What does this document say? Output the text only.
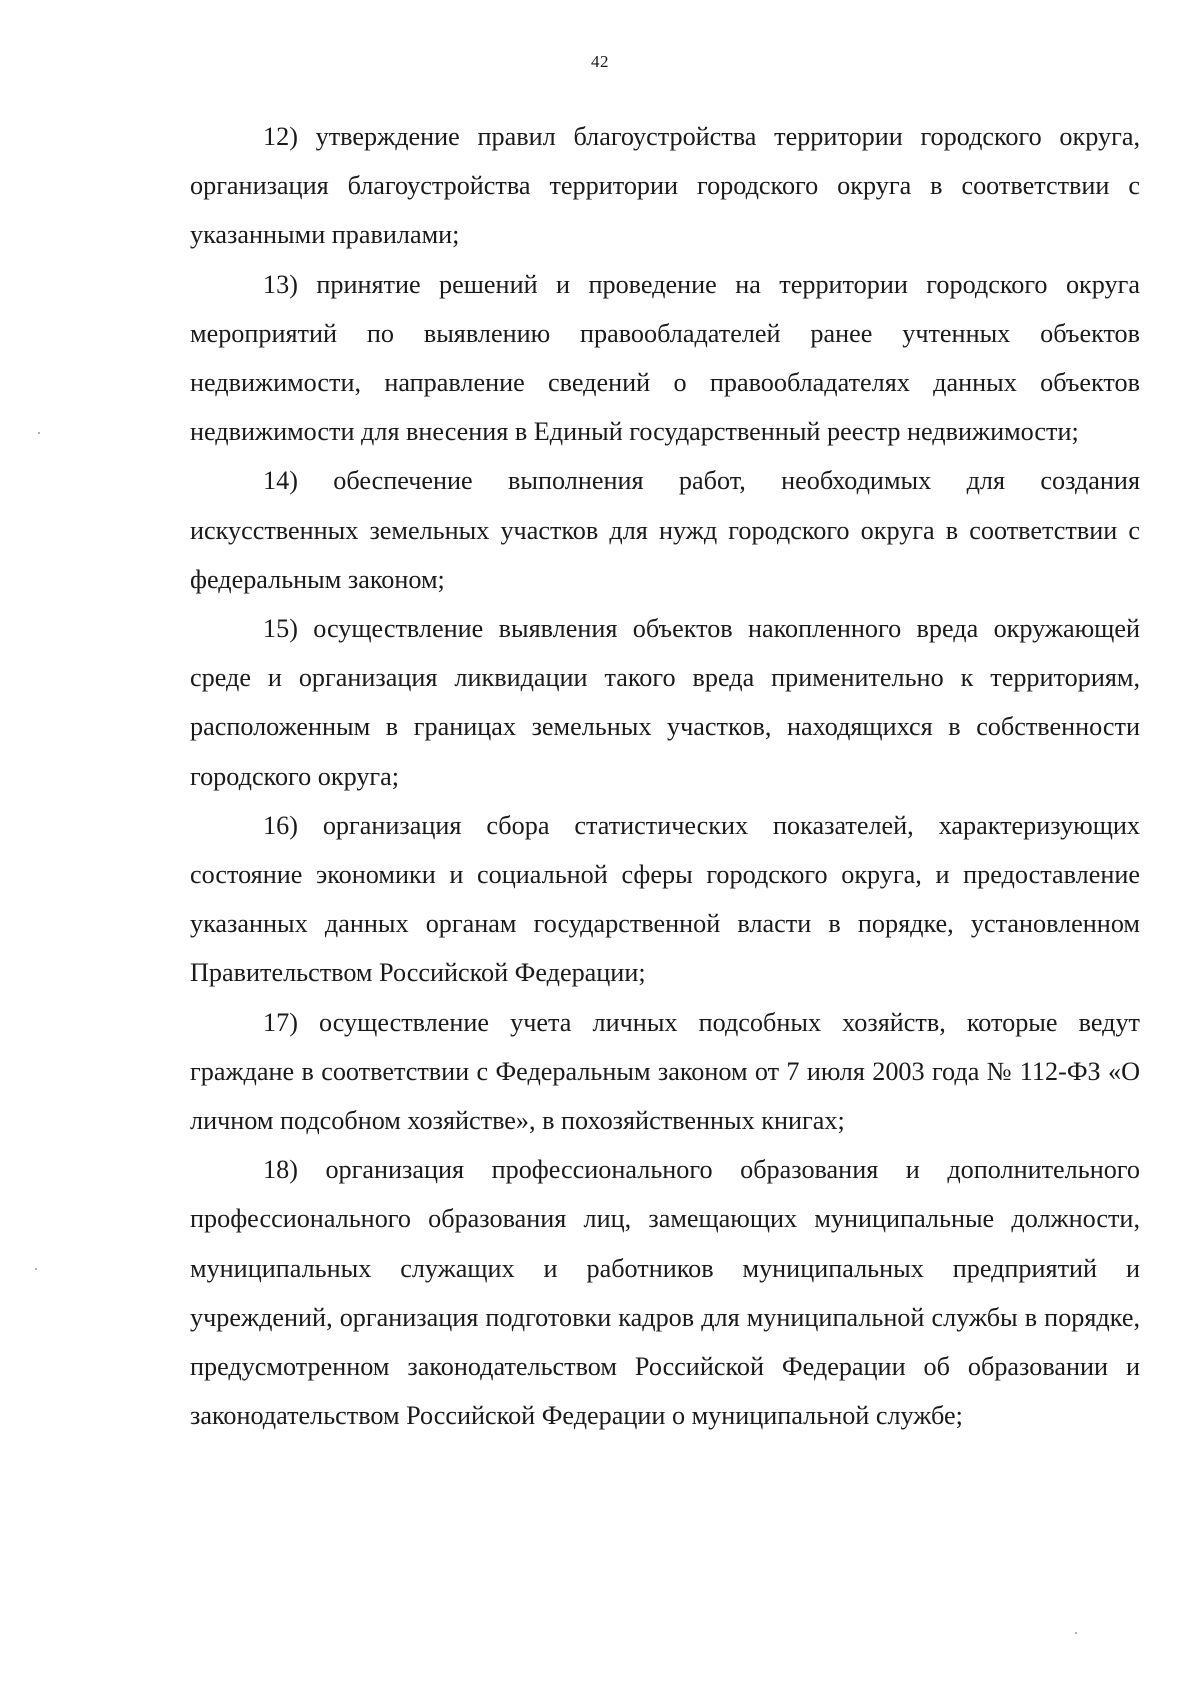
42

12) утверждение правил благоустройства территории городского округа, организация благоустройства территории городского округа в соответствии с указанными правилами;

13) принятие решений и проведение на территории городского округа мероприятий по выявлению правообладателей ранее учтенных объектов недвижимости, направление сведений о правообладателях данных объектов недвижимости для внесения в Единый государственный реестр недвижимости;

14) обеспечение выполнения работ, необходимых для создания искусственных земельных участков для нужд городского округа в соответствии с федеральным законом;

15) осуществление выявления объектов накопленного вреда окружающей среде и организация ликвидации такого вреда применительно к территориям, расположенным в границах земельных участков, находящихся в собственности городского округа;

16) организация сбора статистических показателей, характеризующих состояние экономики и социальной сферы городского округа, и предоставление указанных данных органам государственной власти в порядке, установленном Правительством Российской Федерации;

17) осуществление учета личных подсобных хозяйств, которые ведут граждане в соответствии с Федеральным законом от 7 июля 2003 года № 112-ФЗ «О личном подсобном хозяйстве», в похозяйственных книгах;

18) организация профессионального образования и дополнительного профессионального образования лиц, замещающих муниципальные должности, муниципальных служащих и работников муниципальных предприятий и учреждений, организация подготовки кадров для муниципальной службы в порядке, предусмотренном законодательством Российской Федерации об образовании и законодательством Российской Федерации о муниципальной службе;
